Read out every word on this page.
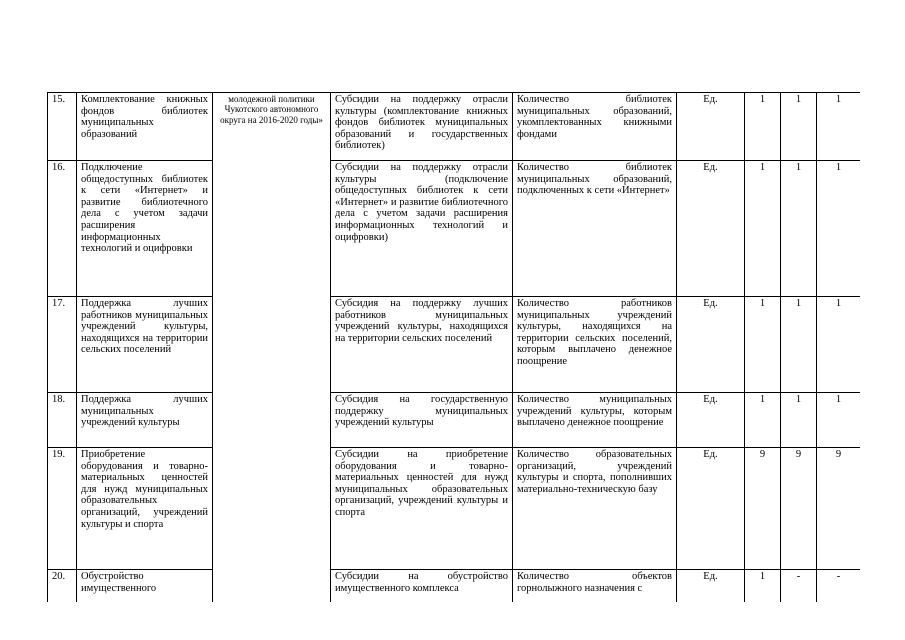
15.	Комплектование книжных фондов библиотек муниципальных образований	молодежной политики Чукотского автономного округа на 2016-2020 годы»	Субсидии на поддержку отрасли культуры (комплектование книжных фондов библиотек муниципальных образований и государственных библиотек)	Количество библиотек муниципальных образований, укомплектованных книжными фондами	Ед.	1	1	1
16.	Подключение общедоступных библиотек к сети «Интернет» и развитие библиотечного дела с учетом задачи расширения информационных технологий и оцифровки		Субсидии на поддержку отрасли культуры (подключение общедоступных библиотек к сети «Интернет» и развитие библиотечного дела с учетом задачи расширения информационных технологий и оцифровки)	Количество библиотек муниципальных образований, подключенных к сети «Интернет»	Ед.	1	1	1
17.	Поддержка лучших работников муниципальных учреждений культуры, находящихся на территории сельских поселений		Субсидия на поддержку лучших работников муниципальных учреждений культуры, находящихся на территории сельских поселений	Количество работников муниципальных учреждений культуры, находящихся на территории сельских поселений, которым выплачено денежное поощрение	Ед.	1	1	1
18.	Поддержка лучших муниципальных учреждений культуры		Субсидия на государственную поддержку муниципальных учреждений культуры	Количество муниципальных учреждений культуры, которым выплачено денежное поощрение	Ед.	1	1	1
19.	Приобретение оборудования и товарно-материальных ценностей для нужд муниципальных образовательных организаций, учреждений культуры и спорта		Субсидии на приобретение оборудования и товарно-материальных ценностей для нужд муниципальных образовательных организаций, учреждений культуры и спорта	Количество образовательных организаций, учреждений культуры и спорта, пополнивших материально-техническую базу	Ед.	9	9	9
20.	Обустройство имущественного		Субсидии на обустройство имущественного комплекса	Количество объектов горнолыжного назначения с	Ед.	1	-	-
